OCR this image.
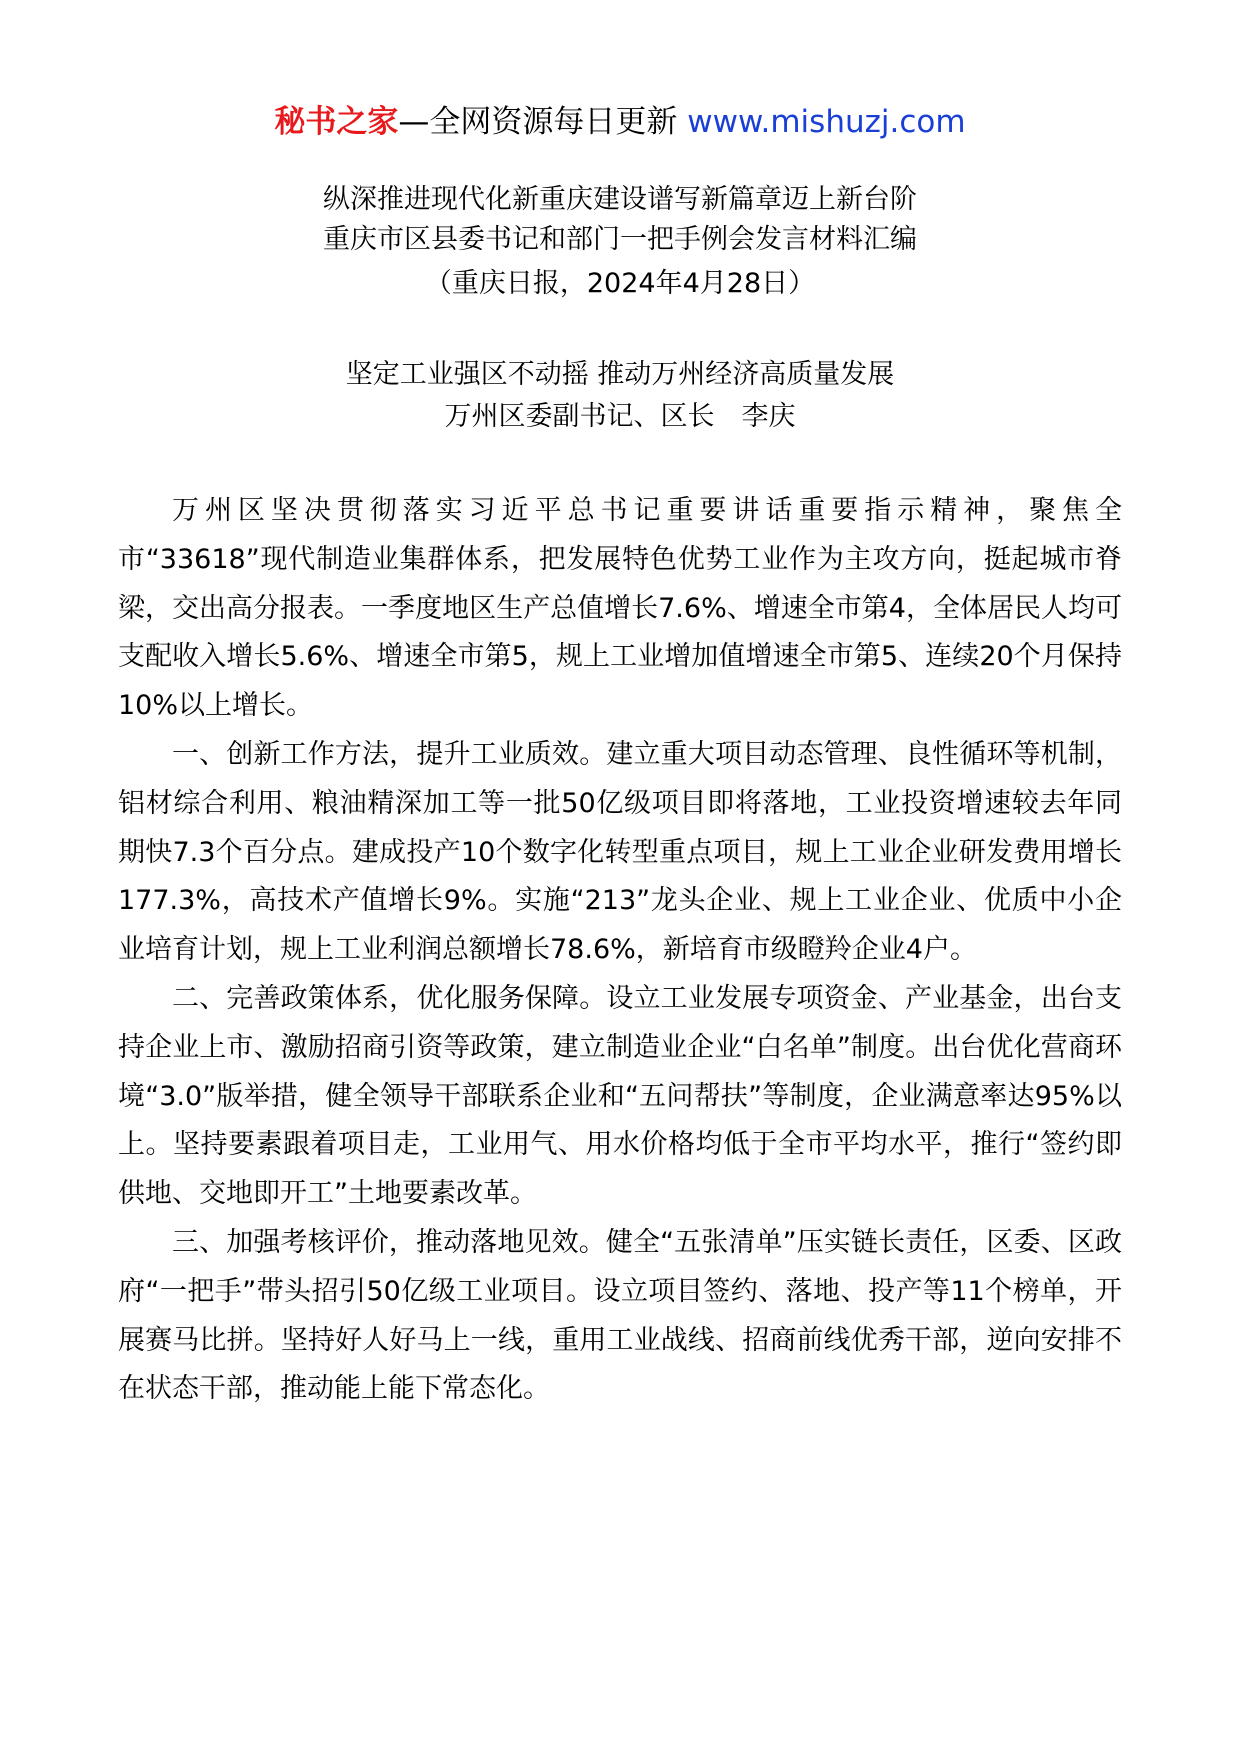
秘书之家—全网资源每日更新 www.mishuzj.com
纵深推进现代化新重庆建设谱写新篇章迈上新台阶
重庆市区县委书记和部门一把手例会发言材料汇编
（重庆日报，2024年4月28日）
坚定工业强区不动摇 推动万州经济高质量发展
万州区委副书记、区长　李庆

万州区坚决贯彻落实习近平总书记重要讲话重要指示精神，聚焦全市“33618”现代制造业集群体系，把发展特色优势工业作为主攻方向，挺起城市脊梁，交出高分报表。一季度地区生产总值增长7.6%、增速全市第4，全体居民人均可支配收入增长5.6%、增速全市第5，规上工业增加值增速全市第5、连续20个月保持10%以上增长。

一、创新工作方法，提升工业质效。建立重大项目动态管理、良性循环等机制，铝材综合利用、粮油精深加工等一批50亿级项目即将落地，工业投资增速较去年同期快7.3个百分点。建成投产10个数字化转型重点项目，规上工业企业研发费用增长177.3%，高技术产值增长9%。实施“213”龙头企业、规上工业企业、优质中小企业培育计划，规上工业利润总额增长78.6%，新培育市级瞪羚企业4户。

二、完善政策体系，优化服务保障。设立工业发展专项资金、产业基金，出台支持企业上市、激励招商引资等政策，建立制造业企业“白名单”制度。出台优化营商环境“3.0”版举措，健全领导干部联系企业和“五问帮扶”等制度，企业满意率达95%以上。坚持要素跟着项目走，工业用气、用水价格均低于全市平均水平，推行“签约即供地、交地即开工”土地要素改革。

三、加强考核评价，推动落地见效。健全“五张清单”压实链长责任，区委、区政府“一把手”带头招引50亿级工业项目。设立项目签约、落地、投产等11个榜单，开展赛马比拼。坚持好人好马上一线，重用工业战线、招商前线优秀干部，逆向安排不在状态干部，推动能上能下常态化。
